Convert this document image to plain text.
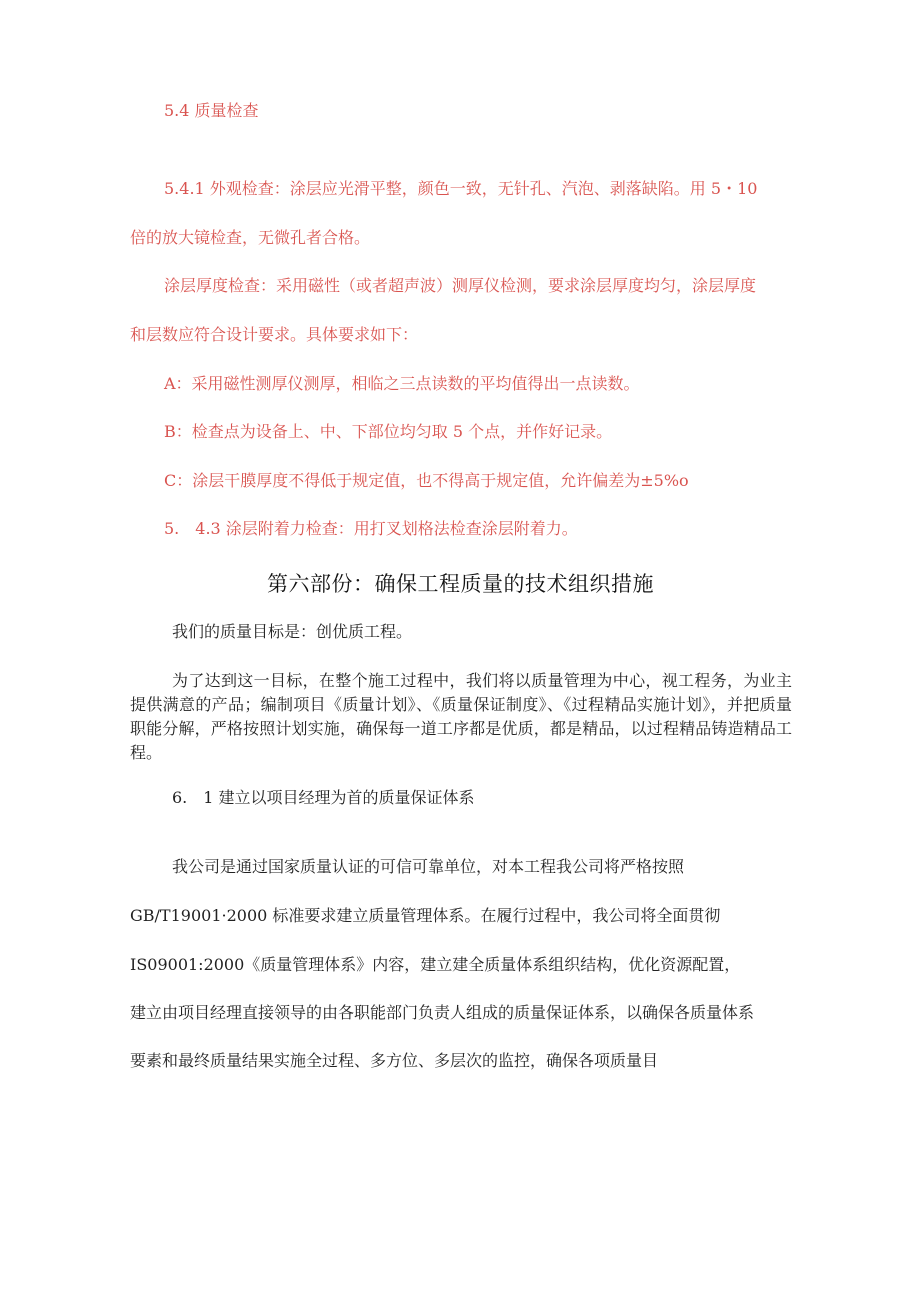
5.4 质量检查

5.4.1 外观检查：涂层应光滑平整，颜色一致，无针孔、汽泡、剥落缺陷。用 5・10

倍的放大镜检查，无微孔者合格。

涂层厚度检查：采用磁性（或者超声波）测厚仪检测，要求涂层厚度均匀，涂层厚度

和层数应符合设计要求。具体要求如下：

A：采用磁性测厚仪测厚，相临之三点读数的平均值得出一点读数。

B：检查点为设备上、中、下部位均匀取 5 个点，并作好记录。

C：涂层干膜厚度不得低于规定值，也不得高于规定值，允许偏差为±5%o

5.　4.3 涂层附着力检查：用打叉划格法检查涂层附着力。

第六部份：确保工程质量的技术组织措施

我们的质量目标是：创优质工程。

为了达到这一目标，在整个施工过程中，我们将以质量管理为中心，视工程务，为业主提供满意的产品；编制项目《质量计划》、《质量保证制度》、《过程精品实施计划》，并把质量职能分解，严格按照计划实施，确保每一道工序都是优质，都是精品，以过程精品铸造精品工程。

6.　1 建立以项目经理为首的质量保证体系

我公司是通过国家质量认证的可信可靠单位，对本工程我公司将严格按照

GB/T19001·2000 标准要求建立质量管理体系。在履行过程中，我公司将全面贯彻

IS09001:2000《质量管理体系》内容，建立建全质量体系组织结构，优化资源配置，

建立由项目经理直接领导的由各职能部门负责人组成的质量保证体系，以确保各质量体系

要素和最终质量结果实施全过程、多方位、多层次的监控，确保各项质量目
